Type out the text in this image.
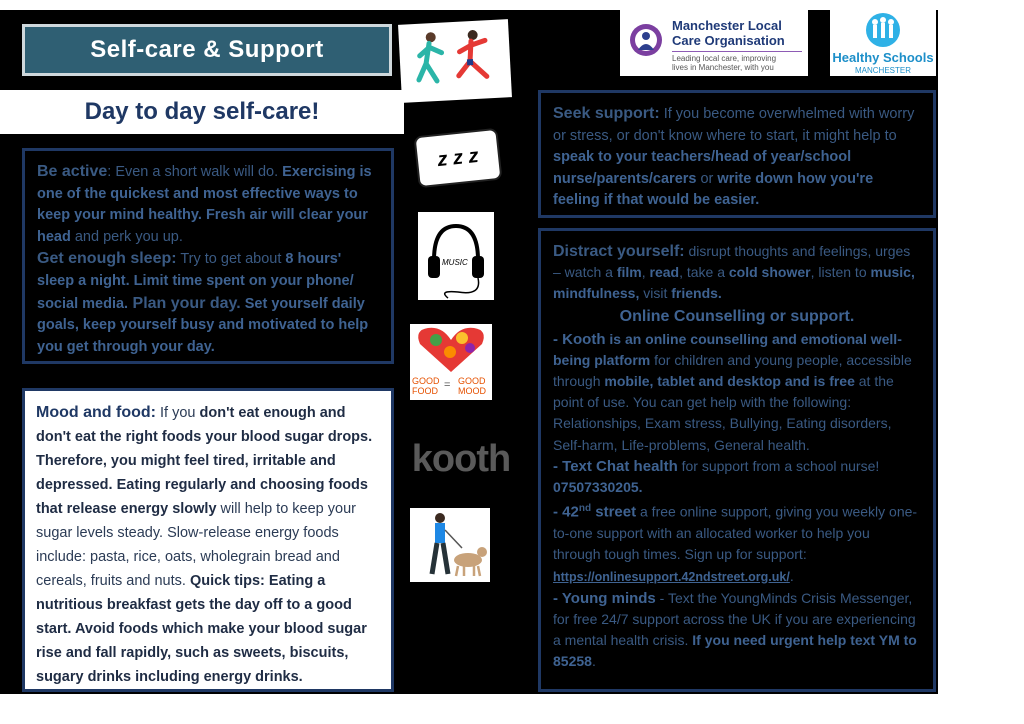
Self-care & Support
Day to day self-care!
Manchester Local
Care Organisation
Leading local care, improving
lives in Manchester, with you
Healthy Schools
MANCHESTER
z z z
MUSIC
GOOD
FOOD = GOOD
MOOD
kooth
Be active: Even a short walk will do. Exercising is one of the quickest and most effective ways to keep your mind healthy. Fresh air will clear your head and perk you up.
Get enough sleep: Try to get about 8 hours' sleep a night. Limit time spent on your phone/ social media. Plan your day. Set yourself daily goals, keep yourself busy and motivated to help you get through your day.
Mood and food: If you don't eat enough and don't eat the right foods your blood sugar drops. Therefore, you might feel tired, irritable and depressed. Eating regularly and choosing foods that release energy slowly will help to keep your sugar levels steady. Slow-release energy foods include: pasta, rice, oats, wholegrain bread and cereals, fruits and nuts. Quick tips: Eating a nutritious breakfast gets the day off to a good start. Avoid foods which make your blood sugar rise and fall rapidly, such as sweets, biscuits, sugary drinks including energy drinks.
Seek support: If you become overwhelmed with worry or stress, or don't know where to start, it might help to speak to your teachers/head of year/school nurse/parents/carers or write down how you're feeling if that would be easier.
Distract yourself: disrupt thoughts and feelings, urges – watch a film, read, take a cold shower, listen to music, mindfulness, visit friends.
Online Counselling or support.
- Kooth is an online counselling and emotional well-being platform for children and young people, accessible through mobile, tablet and desktop and is free at the point of use. You can get help with the following: Relationships, Exam stress, Bullying, Eating disorders, Self-harm, Life-problems, General health.
- Text Chat health for support from a school nurse! 07507330205.
- 42nd street a free online support, giving you weekly one-to-one support with an allocated worker to help you through tough times. Sign up for support: https://onlinesupport.42ndstreet.org.uk/.
- Young minds - Text the YoungMinds Crisis Messenger, for free 24/7 support across the UK if you are experiencing a mental health crisis. If you need urgent help text YM to 85258.
